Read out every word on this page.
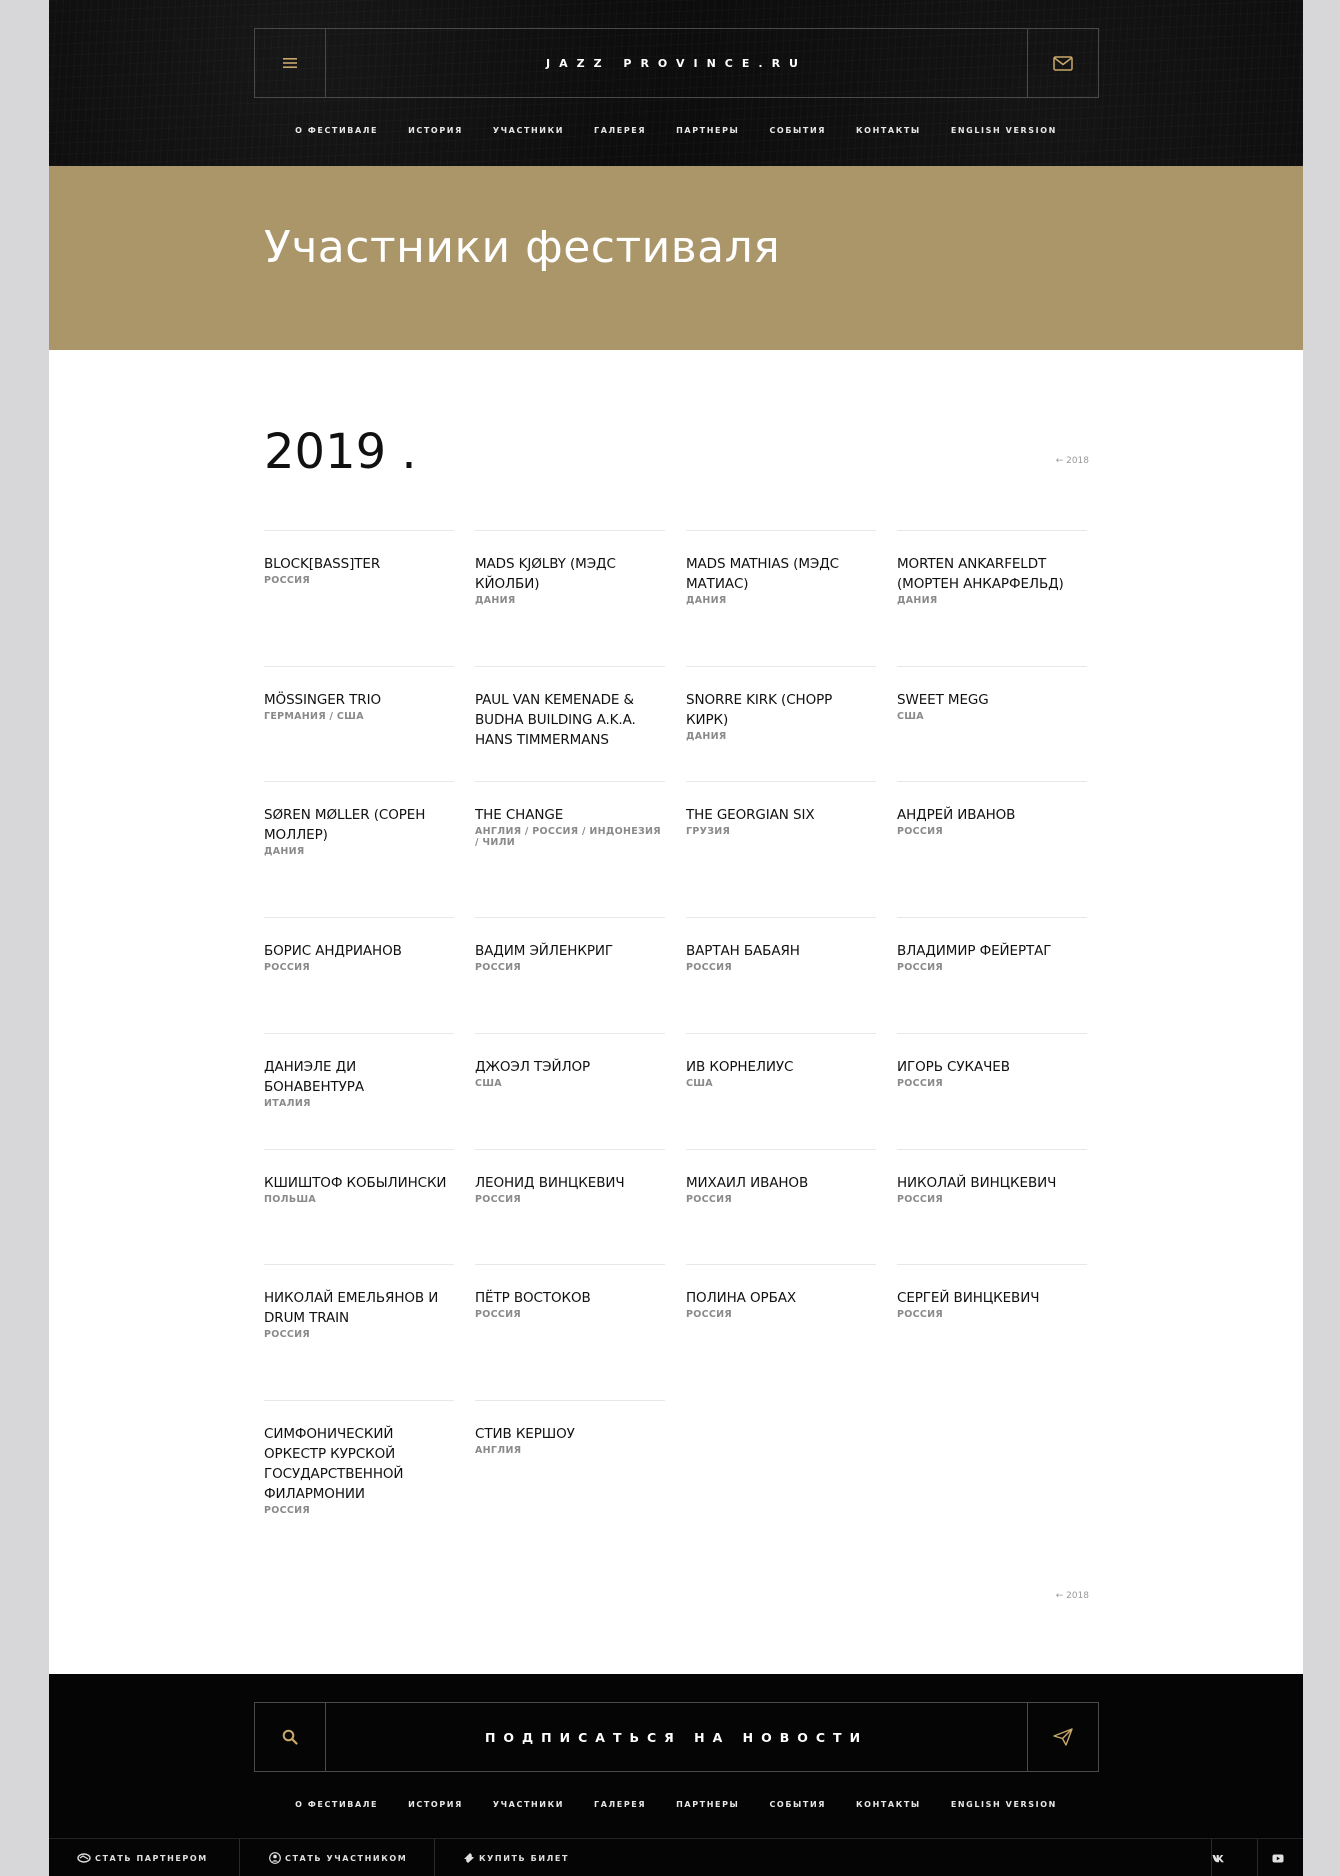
JAZZ PROVINCE.RU
О ФЕСТИВАЛЕ	ИСТОРИЯ	УЧАСТНИКИ	ГАЛЕРЕЯ	ПАРТНЕРЫ	СОБЫТИЯ	КОНТАКТЫ	ENGLISH VERSION
Участники фестиваля
2019 .	← 2018
BLOCK[BASS]TER
РОССИЯ
MADS KJØLBY (МЭДС КЙОЛБИ)
ДАНИЯ
MADS MATHIAS (МЭДС МАТИАС)
ДАНИЯ
MORTEN ANKARFELDT (МОРТЕН АНКАРФЕЛЬД)
ДАНИЯ
MÖSSINGER TRIO
ГЕРМАНИЯ / США
PAUL VAN KEMENADE & BUDHA BUILDING A.K.A. HANS TIMMERMANS
SNORRE KIRK (СНОРР КИРК)
ДАНИЯ
SWEET MEGG
США
SØREN MØLLER (СОРЕН МОЛЛЕР)
ДАНИЯ
THE CHANGE
АНГЛИЯ / РОССИЯ / ИНДОНЕЗИЯ / ЧИЛИ
THE GEORGIAN SIX
ГРУЗИЯ
АНДРЕЙ ИВАНОВ
РОССИЯ
БОРИС АНДРИАНОВ
РОССИЯ
ВАДИМ ЭЙЛЕНКРИГ
РОССИЯ
ВАРТАН БАБАЯН
РОССИЯ
ВЛАДИМИР ФЕЙЕРТАГ
РОССИЯ
ДАНИЭЛЕ ДИ БОНАВЕНТУРА
ИТАЛИЯ
ДЖОЭЛ ТЭЙЛОР
США
ИВ КОРНЕЛИУС
США
ИГОРЬ СУКАЧЕВ
РОССИЯ
КШИШТОФ КОБЫЛИНСКИ
ПОЛЬША
ЛЕОНИД ВИНЦКЕВИЧ
РОССИЯ
МИХАИЛ ИВАНОВ
РОССИЯ
НИКОЛАЙ ВИНЦКЕВИЧ
РОССИЯ
НИКОЛАЙ ЕМЕЛЬЯНОВ И DRUM TRAIN
РОССИЯ
ПЁТР ВОСТОКОВ
РОССИЯ
ПОЛИНА ОРБАХ
РОССИЯ
СЕРГЕЙ ВИНЦКЕВИЧ
РОССИЯ
СИМФОНИЧЕСКИЙ ОРКЕСТР КУРСКОЙ ГОСУДАРСТВЕННОЙ ФИЛАРМОНИИ
РОССИЯ
СТИВ КЕРШОУ
АНГЛИЯ
← 2018
ПОДПИСАТЬСЯ НА НОВОСТИ
О ФЕСТИВАЛЕ	ИСТОРИЯ	УЧАСТНИКИ	ГАЛЕРЕЯ	ПАРТНЕРЫ	СОБЫТИЯ	КОНТАКТЫ	ENGLISH VERSION
СТАТЬ ПАРТНЕРОМ	СТАТЬ УЧАСТНИКОМ	КУПИТЬ БИЛЕТ
